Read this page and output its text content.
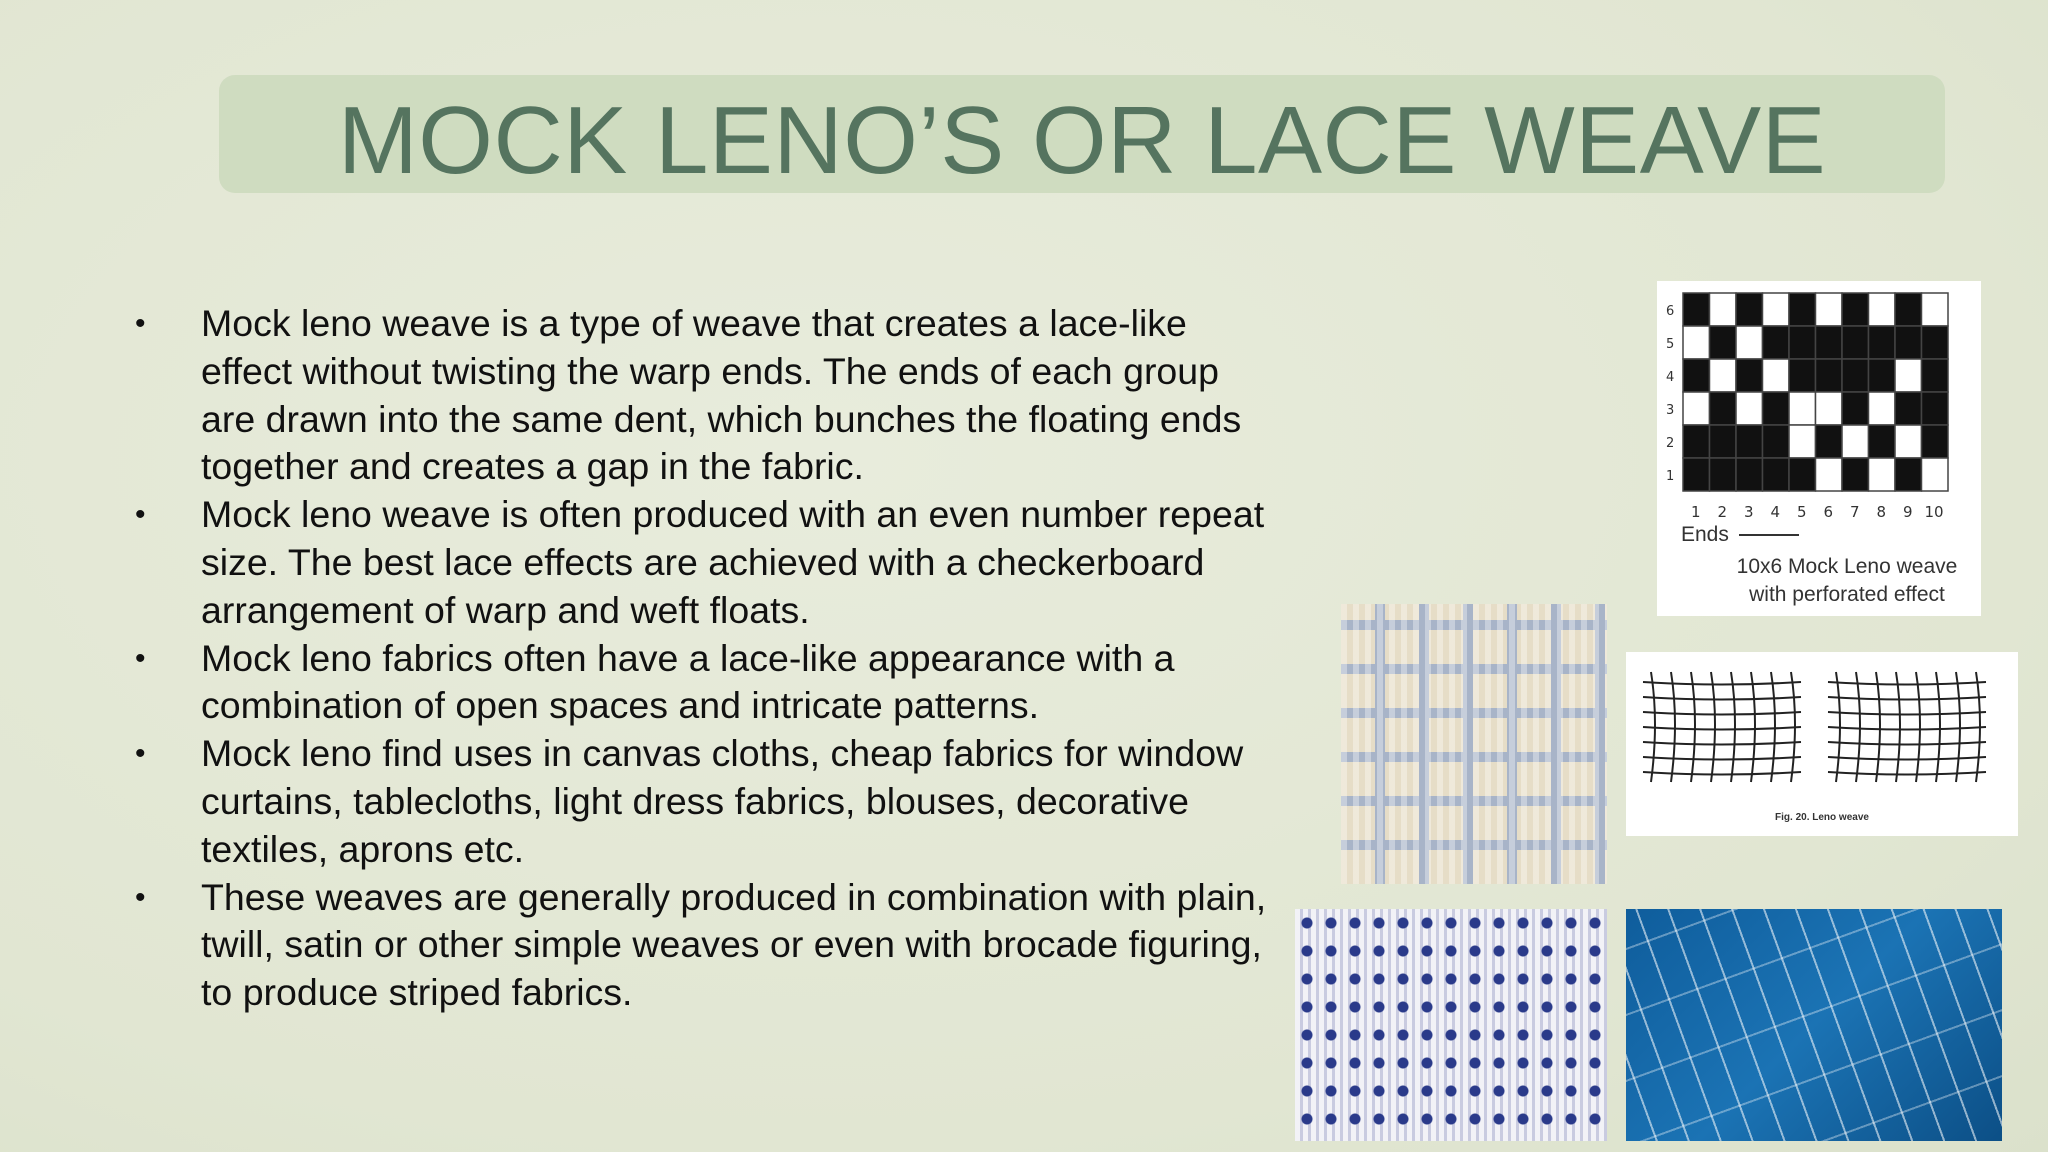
MOCK LENO’S OR LACE WEAVE
• Mock leno weave is a type of weave that creates a lace-like effect without twisting the warp ends. The ends of each group are drawn into the same dent, which bunches the floating ends together and creates a gap in the fabric.
• Mock leno weave is often produced with an even number repeat size. The best lace effects are achieved with a checkerboard arrangement of warp and weft floats.
• Mock leno fabrics often have a lace-like appearance with a combination of open spaces and intricate patterns.
• Mock leno find uses in canvas cloths, cheap fabrics for window curtains, tablecloths, light dress fabrics, blouses, decorative textiles, aprons etc.
• These weaves are generally produced in combination with plain, twill, satin or other simple weaves or even with brocade figuring, to produce striped fabrics.
6
5
4
3
2
1
1 2 3 4 5 6 7 8 9 10
Ends
10x6 Mock Leno weave
with perforated effect
Fig. 20. Leno weave
